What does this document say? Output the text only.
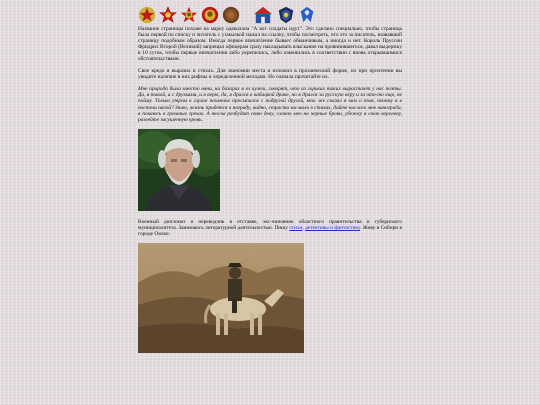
Название страницы похоже на марку одеколона "А вот солдаты идут". Это сделано специально, чтобы страница была первой по списку и читатель с ухмылкой нажал на ссылку, чтобы посмотреть, что это за писатель, назвавший страницу подобным образом. Иногда первое впечатление бывает обманчивым, а иногда и нет. Король Пруссии Фридрих Второй (Великий) запрещал офицерам сразу накладывать взыскание на провинившегося, давал выдержку в 10 суток, чтобы первые впечатления либо укрепились, либо изменились в соответствии с вновь открывшимися обстоятельствами.

Свое кредо я выразил в стихах. Для экономии места я изложил в прозаической форме, но при прочтении вы увидите наличие в них рифмы и определенной мелодии. Но сначала прочитайте их.

Мне природа была вместо няни, на базарах я ел кулеш, говорят, что из горьких таких вырастают у нас поэты. Да, я такой, и с друзьями, и я верю, да, я дрался в кабацкой драке, но я дрался за русскую веру и за что-то еще, не пойму. Только утром в глухое похмелье просыпался с подругой другой, кто же сказал я вам о том, почему я в постели нагой? Знаю, жизнь придется в награду, видно, страсти им мало в стихах, дайте кислого мне винограда, я покаюсь в грешных грехах. А тоска разбудит свою деву, словно меч на черные брови, убежку я свою королеву, разлейте засушенную кровь.

Военный дипломат и переводчик в отставке, экс-чиновник областного правительства и губернского муниципалитета. Занимаюсь литературной деятельностью. Пишу стихи, детективы и фантастику. Живу в Сибири в городе Омске.
